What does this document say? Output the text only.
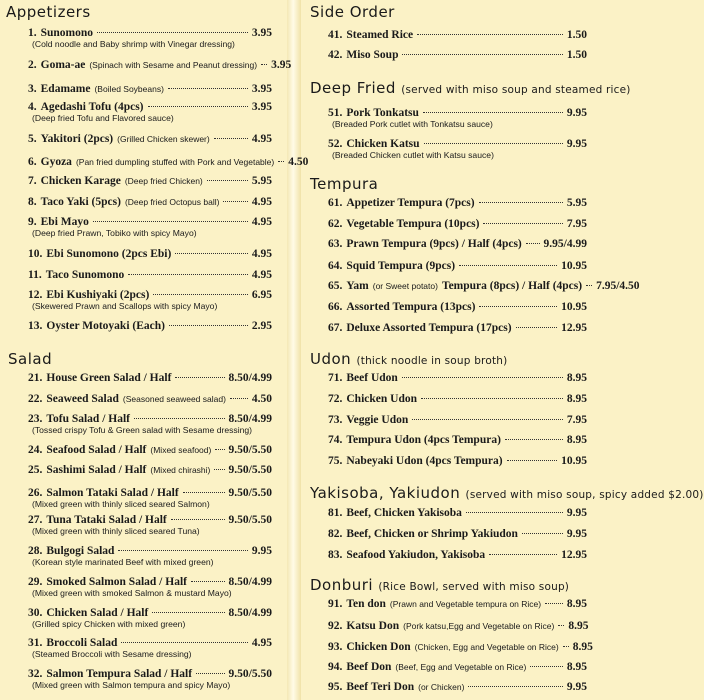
Appetizers
1. Sunomono	3.95
(Cold noodle and Baby shrimp with Vinegar dressing)
2. Goma-ae (Spinach with Sesame and Peanut dressing) 3.95
3. Edamame (Boiled Soybeans)	3.95
4. Agedashi Tofu (4pcs)	3.95
(Deep fried Tofu and Flavored sauce)
5. Yakitori (2pcs) (Grilled Chicken skewer)	4.95
6. Gyoza (Pan fried dumpling stuffed with Pork and Vegetable) 4.50
7. Chicken Karage (Deep fried Chicken)	5.95
8. Taco Yaki (5pcs) (Deep fried Octopus ball)	4.95
9. Ebi Mayo	4.95
(Deep fried Prawn, Tobiko with spicy Mayo)
10. Ebi Sunomono (2pcs Ebi)	4.95
11. Taco Sunomono	4.95
12. Ebi Kushiyaki (2pcs)	6.95
(Skewered Prawn and Scallops with spicy Mayo)
13. Oyster Motoyaki (Each)	2.95
Salad
21. House Green Salad / Half	8.50/4.99
22. Seaweed Salad (Seasoned seaweed salad) 4.50
23. Tofu Salad / Half	8.50/4.99
(Tossed crispy Tofu & Green salad with Sesame dressing)
24. Seafood Salad / Half (Mixed seafood) 9.50/5.50
25. Sashimi Salad / Half (Mixed chirashi) 9.50/5.50
26. Salmon Tataki Salad / Half	9.50/5.50
(Mixed green with thinly sliced seared Salmon)
27. Tuna Tataki Salad / Half	9.50/5.50
(Mixed green with thinly sliced seared Tuna)
28. Bulgogi Salad	9.95
(Korean style marinated Beef with mixed green)
29. Smoked Salmon Salad / Half	8.50/4.99
(Mixed green with smoked Salmon & mustard Mayo)
30. Chicken Salad / Half	8.50/4.99
(Grilled spicy Chicken with mixed green)
31. Broccoli Salad	4.95
(Steamed Broccoli with Sesame dressing)
32. Salmon Tempura Salad / Half	9.50/5.50
(Mixed green with Salmon tempura and spicy Mayo)
Side Order
41. Steamed Rice	1.50
42. Miso Soup	1.50
Deep Fried (served with miso soup and steamed rice)
51. Pork Tonkatsu	9.95
(Breaded Pork cutlet with Tonkatsu sauce)
52. Chicken Katsu	9.95
(Breaded Chicken cutlet with Katsu sauce)
Tempura
61. Appetizer Tempura (7pcs)	5.95
62. Vegetable Tempura (10pcs)	7.95
63. Prawn Tempura (9pcs) / Half (4pcs) 9.95/4.99
64. Squid Tempura (9pcs)	10.95
65. Yam (or Sweet potato) Tempura (8pcs) / Half (4pcs) 7.95/4.50
66. Assorted Tempura (13pcs)	10.95
67. Deluxe Assorted Tempura (17pcs)	12.95
Udon (thick noodle in soup broth)
71. Beef Udon	8.95
72. Chicken Udon	8.95
73. Veggie Udon	7.95
74. Tempura Udon (4pcs Tempura)	8.95
75. Nabeyaki Udon (4pcs Tempura)	10.95
Yakisoba, Yakiudon (served with miso soup, spicy added $2.00)
81. Beef, Chicken Yakisoba	9.95
82. Beef, Chicken or Shrimp Yakiudon	9.95
83. Seafood Yakiudon, Yakisoba	12.95
Donburi (Rice Bowl, served with miso soup)
91. Ten don (Prawn and Vegetable tempura on Rice) 8.95
92. Katsu Don (Pork katsu,Egg and Vegetable on Rice) 8.95
93. Chicken Don (Chicken, Egg and Vegetable on Rice) 8.95
94. Beef Don (Beef, Egg and Vegetable on Rice)	8.95
95. Beef Teri Don (or Chicken)	9.95
